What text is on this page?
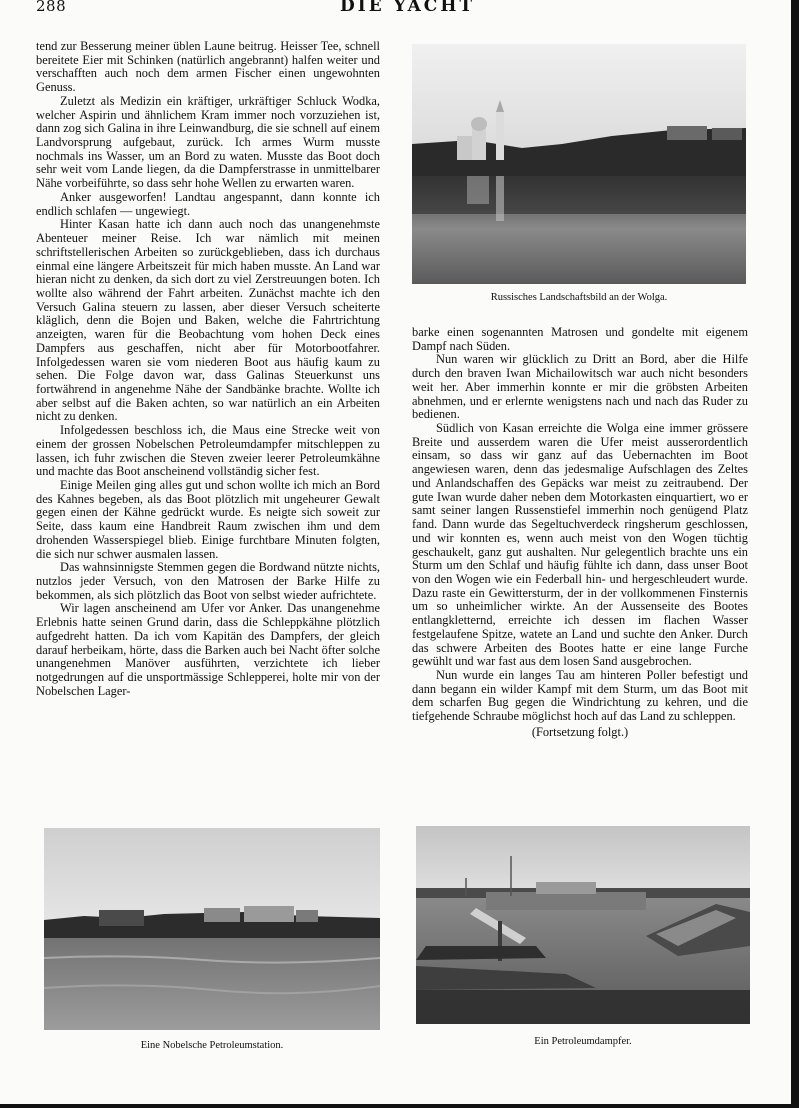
288	DIE YACHT
Russisches Landschaftsbild an der Wolga.

tend zur Besserung meiner üblen Laune beitrug. Heisser Tee, schnell bereitete Eier mit Schinken (natürlich angebrannt) halfen weiter und verschafften auch noch dem armen Fischer einen ungewohnten Genuss.

Zuletzt als Medizin ein kräftiger, urkräftiger Schluck Wodka, welcher Aspirin und ähnlichem Kram immer noch vorzuziehen ist, dann zog sich Galina in ihre Leinwandburg, die sie schnell auf einem Landvorsprung aufgebaut, zurück. Ich armes Wurm musste nochmals ins Wasser, um an Bord zu waten. Musste das Boot doch sehr weit vom Lande liegen, da die Dampferstrasse in unmittelbarer Nähe vorbeiführte, so dass sehr hohe Wellen zu erwarten waren.

Anker ausgeworfen! Landtau angespannt, dann konnte ich endlich schlafen — ungewiegt.

Hinter Kasan hatte ich dann auch noch das unangenehmste Abenteuer meiner Reise. Ich war nämlich mit meinen schriftstellerischen Arbeiten so zurückgeblieben, dass ich durchaus einmal eine längere Arbeitszeit für mich haben musste. An Land war hieran nicht zu denken, da sich dort zu viel Zerstreuungen boten. Ich wollte also während der Fahrt arbeiten. Zunächst machte ich den Versuch Galina steuern zu lassen, aber dieser Versuch scheiterte kläglich, denn die Bojen und Baken, welche die Fahrtrichtung anzeigten, waren für die Beobachtung vom hohen Deck eines Dampfers aus geschaffen, nicht aber für Motorbootfahrer. Infolgedessen waren sie vom niederen Boot aus häufig kaum zu sehen. Die Folge davon war, dass Galinas Steuerkunst uns fortwährend in angenehme Nähe der Sandbänke brachte. Wollte ich aber selbst auf die Baken achten, so war natürlich an ein Arbeiten nicht zu denken.

Infolgedessen beschloss ich, die Maus eine Strecke weit von einem der grossen Nobelschen Petroleumdampfer mitschleppen zu lassen, ich fuhr zwischen die Steven zweier leerer Petroleumkähne und machte das Boot anscheinend vollständig sicher fest.

Einige Meilen ging alles gut und schon wollte ich mich an Bord des Kahnes begeben, als das Boot plötzlich mit ungeheurer Gewalt gegen einen der Kähne gedrückt wurde. Es neigte sich soweit zur Seite, dass kaum eine Handbreit Raum zwischen ihm und dem drohenden Wasserspiegel blieb. Einige furchtbare Minuten folgten, die sich nur schwer ausmalen lassen.

Das wahnsinnigste Stemmen gegen die Bordwand nützte nichts, nutzlos jeder Versuch, von den Matrosen der Barke Hilfe zu bekommen, als sich plötzlich das Boot von selbst wieder aufrichtete.

Wir lagen anscheinend am Ufer vor Anker. Das unangenehme Erlebnis hatte seinen Grund darin, dass die Schleppkähne plötzlich aufgedreht hatten. Da ich vom Kapitän des Dampfers, der gleich darauf herbeikam, hörte, dass die Barken auch bei Nacht öfter solche unangenehmen Manöver ausführten, verzichtete ich lieber notgedrungen auf die unsportmässige Schlepperei, holte mir von der Nobelschen Lager-

barke einen sogenannten Matrosen und gondelte mit eigenem Dampf nach Süden.

Nun waren wir glücklich zu Dritt an Bord, aber die Hilfe durch den braven Iwan Michailowitsch war auch nicht besonders weit her. Aber immerhin konnte er mir die gröbsten Arbeiten abnehmen, und er erlernte wenigstens nach und nach das Ruder zu bedienen.

Südlich von Kasan erreichte die Wolga eine immer grössere Breite und ausserdem waren die Ufer meist ausserordentlich einsam, so dass wir ganz auf das Uebernachten im Boot angewiesen waren, denn das jedesmalige Aufschlagen des Zeltes und Anlandschaffen des Gepäcks war meist zu zeitraubend. Der gute Iwan wurde daher neben dem Motorkasten einquartiert, wo er samt seiner langen Russenstiefel immerhin noch genügend Platz fand. Dann wurde das Segeltuchverdeck ringsherum geschlossen, und wir konnten es, wenn auch meist von den Wogen tüchtig geschaukelt, ganz gut aushalten. Nur gelegentlich brachte uns ein Sturm um den Schlaf und häufig fühlte ich dann, dass unser Boot von den Wogen wie ein Federball hin- und hergeschleudert wurde. Dazu raste ein Gewittersturm, der in der vollkommenen Finsternis um so unheimlicher wirkte. An der Aussenseite des Bootes entlangkletternd, erreichte ich dessen im flachen Wasser festgelaufene Spitze, watete an Land und suchte den Anker. Durch das schwere Arbeiten des Bootes hatte er eine lange Furche gewühlt und war fast aus dem losen Sand ausgebrochen.

Nun wurde ein langes Tau am hinteren Poller befestigt und dann begann ein wilder Kampf mit dem Sturm, um das Boot mit dem scharfen Bug gegen die Windrichtung zu kehren, und die tiefgehende Schraube möglichst hoch auf das Land zu schleppen.

(Fortsetzung folgt.)

Eine Nobelsche Petroleumstation.	Ein Petroleumdampfer.
